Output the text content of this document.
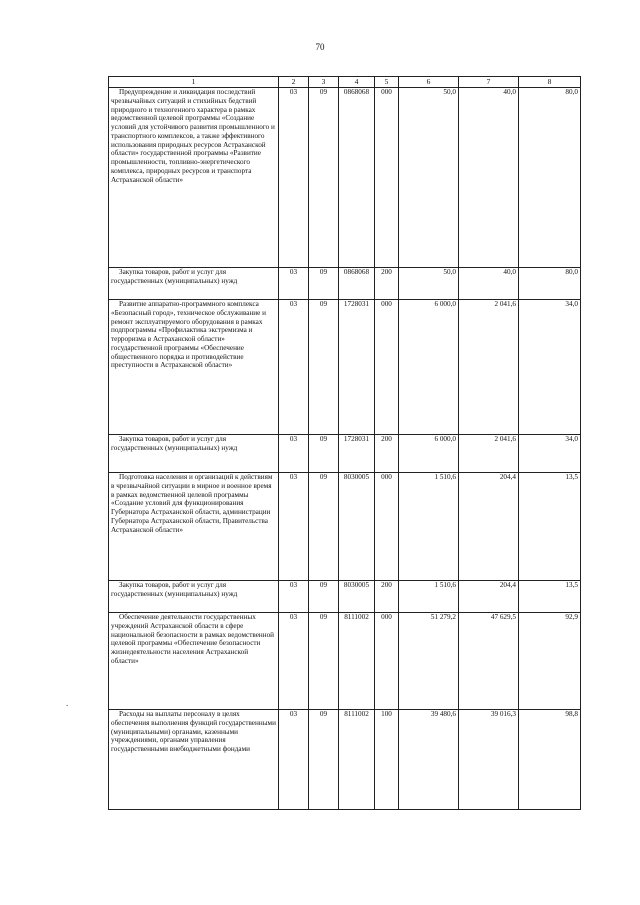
70
1	2	3	4	5	6	7	8
Предупреждение и ликвидация последствий чрезвычайных ситуаций и стихийных бедствий природного и техногенного характера в рамках ведомственной целевой программы «Создание условий для устойчивого развития промышленного и транспортного комплексов, а также эффективного использования природных ресурсов Астраханской области» государственной программы «Развитие промышленности, топливно-энергетического комплекса, природных ресурсов и транспорта Астраханской области»	03	09	0868068	000	50,0	40,0	80,0
Закупка товаров, работ и услуг для государственных (муниципальных) нужд	03	09	0868068	200	50,0	40,0	80,0
Развитие аппаратно-программного комплекса «Безопасный город», техническое обслуживание и ремонт эксплуатируемого оборудования в рамках подпрограммы «Профилактика экстремизма и терроризма в Астраханской области» государственной программы «Обеспечение общественного порядка и противодействие преступности в Астраханской области»	03	09	1728031	000	6 000,0	2 041,6	34,0
Закупка товаров, работ и услуг для государственных (муниципальных) нужд	03	09	1728031	200	6 000,0	2 041,6	34,0
Подготовка населения и организаций к действиям в чрезвычайной ситуации в мирное и военное время в рамках ведомственной целевой программы «Создание условий для функционирования Губернатора Астраханской области, администрации Губернатора Астраханской области, Правительства Астраханской области»	03	09	8030005	000	1 510,6	204,4	13,5
Закупка товаров, работ и услуг для государственных (муниципальных) нужд	03	09	8030005	200	1 510,6	204,4	13,5
Обеспечение деятельности государственных учреждений Астраханской области в сфере национальной безопасности в рамках ведомственной целевой программы «Обеспечение безопасности жизнедеятельности населения Астраханской области»	03	09	8111002	000	51 279,2	47 629,5	92,9
Расходы на выплаты персоналу в целях обеспечения выполнения функций государственными (муниципальными) органами, казенными учреждениями, органами управления государственными внебюджетными фондами	03	09	8111002	100	39 480,6	39 016,3	98,8
.
